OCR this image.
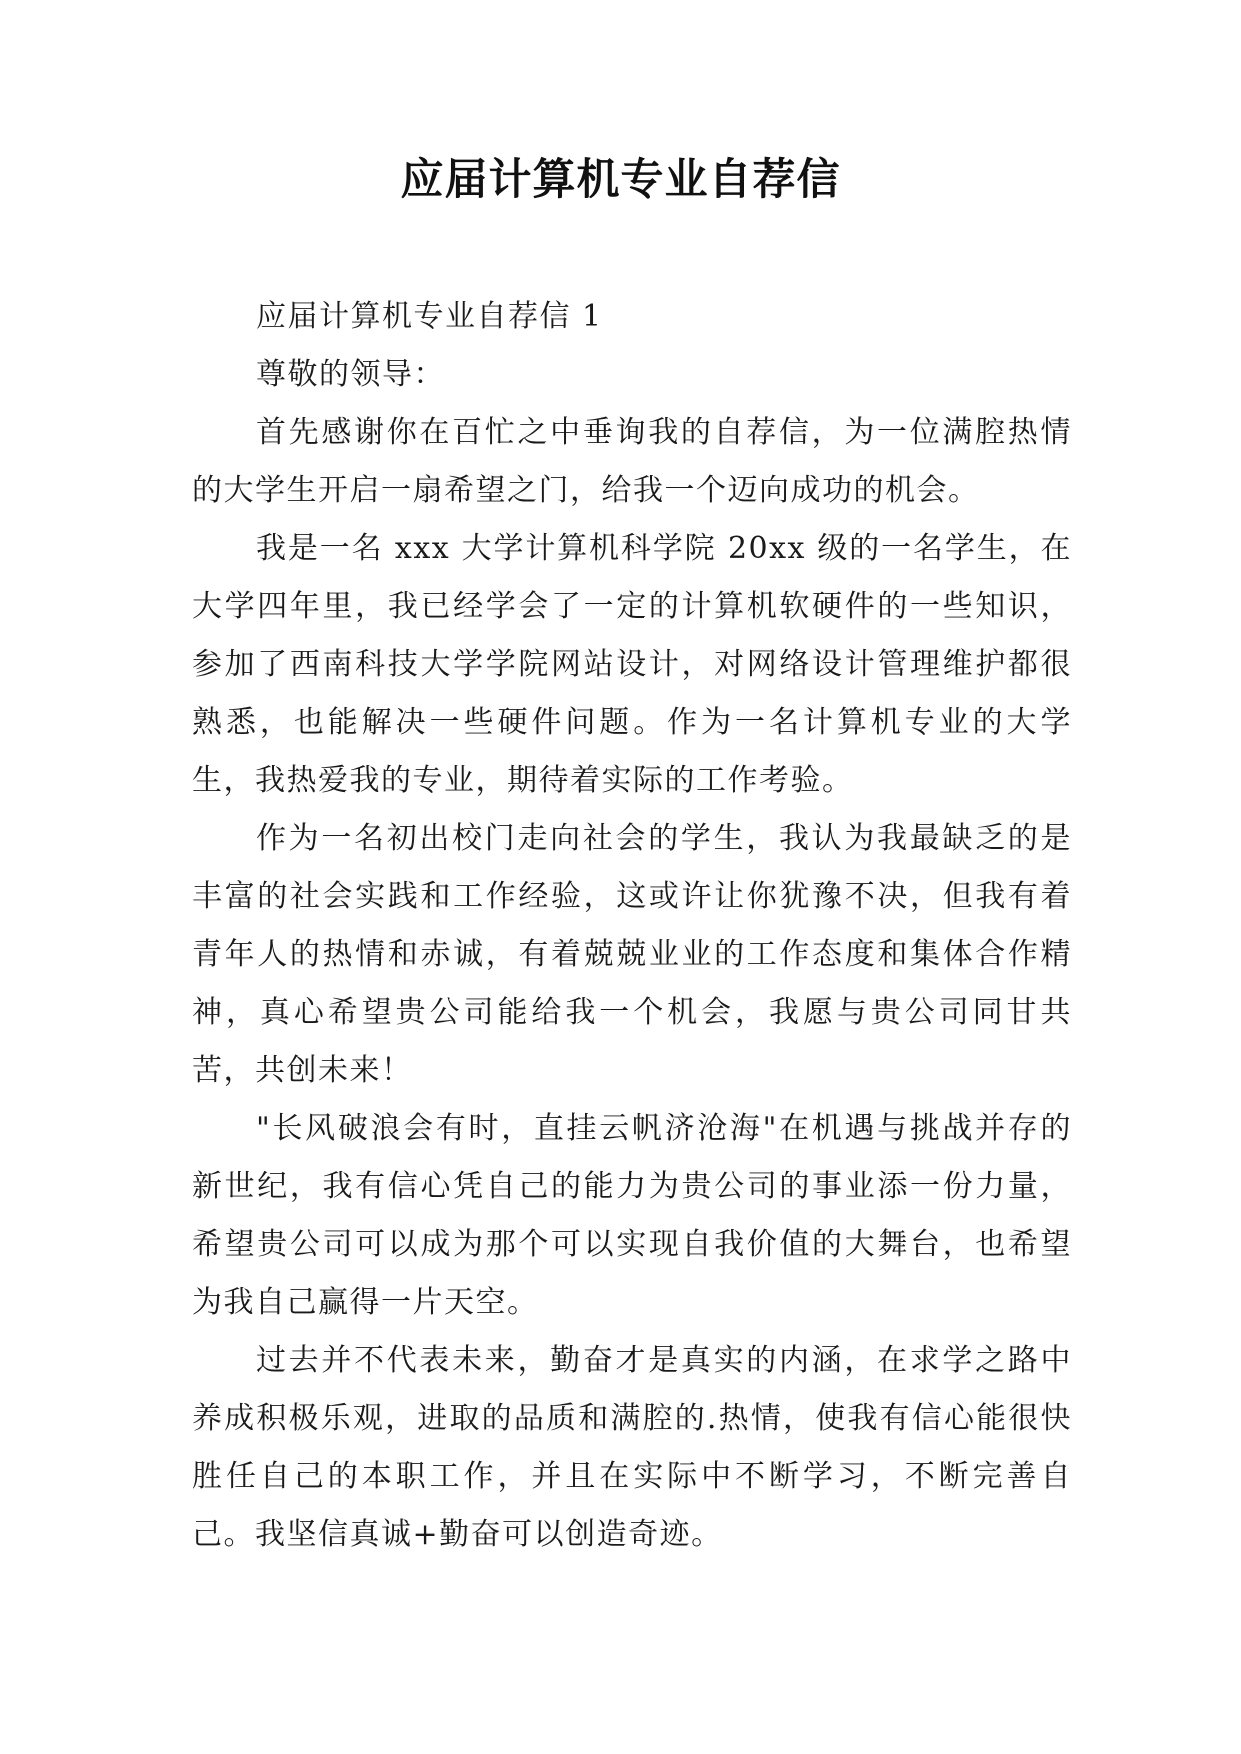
应届计算机专业自荐信

应届计算机专业自荐信 1

尊敬的领导：

首先感谢你在百忙之中垂询我的自荐信，为一位满腔热情的大学生开启一扇希望之门，给我一个迈向成功的机会。

我是一名 xxx 大学计算机科学院 20xx 级的一名学生，在大学四年里，我已经学会了一定的计算机软硬件的一些知识，参加了西南科技大学学院网站设计，对网络设计管理维护都很熟悉，也能解决一些硬件问题。作为一名计算机专业的大学生，我热爱我的专业，期待着实际的工作考验。

作为一名初出校门走向社会的学生，我认为我最缺乏的是丰富的社会实践和工作经验，这或许让你犹豫不决，但我有着青年人的热情和赤诚，有着兢兢业业的工作态度和集体合作精神，真心希望贵公司能给我一个机会，我愿与贵公司同甘共苦，共创未来！

"长风破浪会有时，直挂云帆济沧海"在机遇与挑战并存的新世纪，我有信心凭自己的能力为贵公司的事业添一份力量，希望贵公司可以成为那个可以实现自我价值的大舞台，也希望为我自己赢得一片天空。

过去并不代表未来，勤奋才是真实的内涵，在求学之路中养成积极乐观，进取的品质和满腔的.热情，使我有信心能很快胜任自己的本职工作，并且在实际中不断学习，不断完善自己。我坚信真诚+勤奋可以创造奇迹。
